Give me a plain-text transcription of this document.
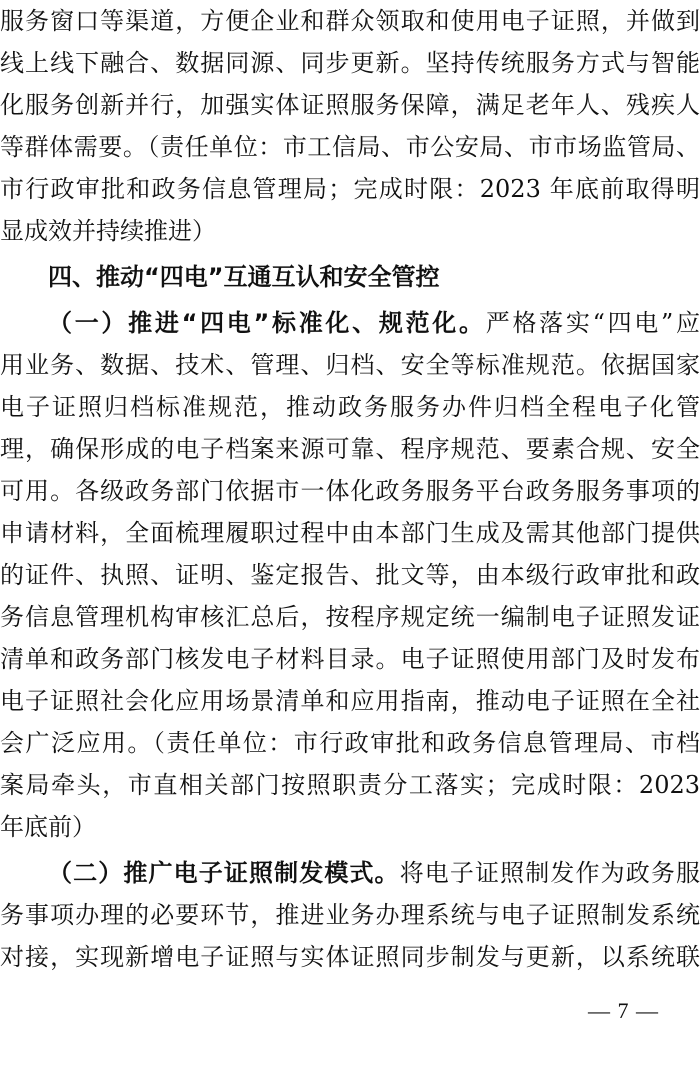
服务窗口等渠道，方便企业和群众领取和使用电子证照，并做到
线上线下融合、数据同源、同步更新。坚持传统服务方式与智能
化服务创新并行，加强实体证照服务保障，满足老年人、残疾人
等群体需要。（责任单位：市工信局、市公安局、市市场监管局、
市行政审批和政务信息管理局；完成时限：2023 年底前取得明
显成效并持续推进）
四、推动“四电”互通互认和安全管控
（一）推进“四电”标准化、规范化。严格落实“四电”应
用业务、数据、技术、管理、归档、安全等标准规范。依据国家
电子证照归档标准规范，推动政务服务办件归档全程电子化管
理，确保形成的电子档案来源可靠、程序规范、要素合规、安全
可用。各级政务部门依据市一体化政务服务平台政务服务事项的
申请材料，全面梳理履职过程中由本部门生成及需其他部门提供
的证件、执照、证明、鉴定报告、批文等，由本级行政审批和政
务信息管理机构审核汇总后，按程序规定统一编制电子证照发证
清单和政务部门核发电子材料目录。电子证照使用部门及时发布
电子证照社会化应用场景清单和应用指南，推动电子证照在全社
会广泛应用。（责任单位：市行政审批和政务信息管理局、市档
案局牵头，市直相关部门按照职责分工落实；完成时限：2023
年底前）
（二）推广电子证照制发模式。将电子证照制发作为政务服
务事项办理的必要环节，推进业务办理系统与电子证照制发系统
对接，实现新增电子证照与实体证照同步制发与更新，以系统联
— 7 —
